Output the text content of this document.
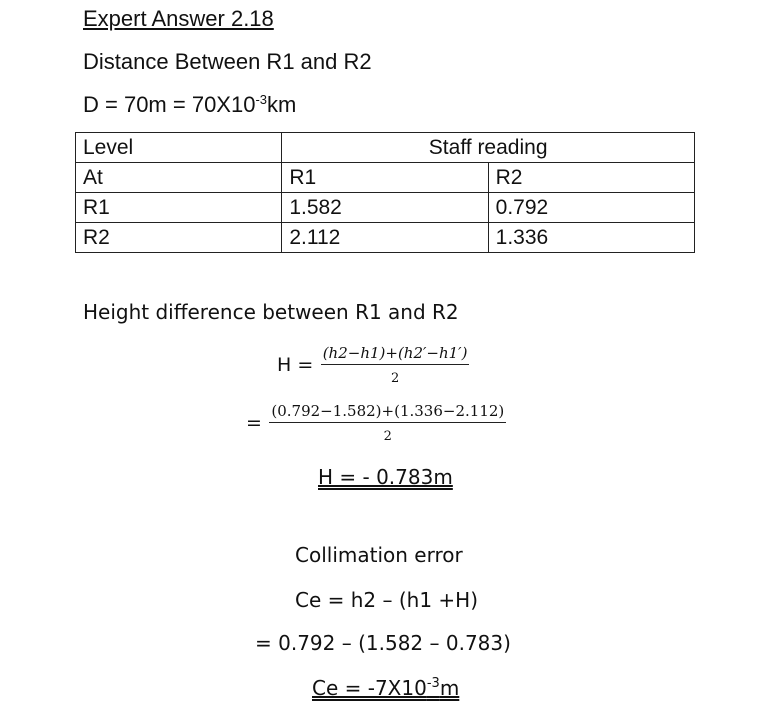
Expert Answer 2.18
Distance Between R1 and R2
$D = 70m = 70X10^{-3}km$
Level	Staff reading	
At	R1	R2
R1	1.582	0.792
R2	2.112	1.336
Height difference between R1 and R2
$H = \frac{(h2-h1)+(h2'-h1')}{2}$
= $\frac{(0.792-1.582)+(1.336-2.112)}{2}$
H = - 0.783m
Collimation error
Ce = h2 – (h1 +H)
= 0.792 – (1.582 – 0.783)
$Ce = -7X10^{-3}m$
